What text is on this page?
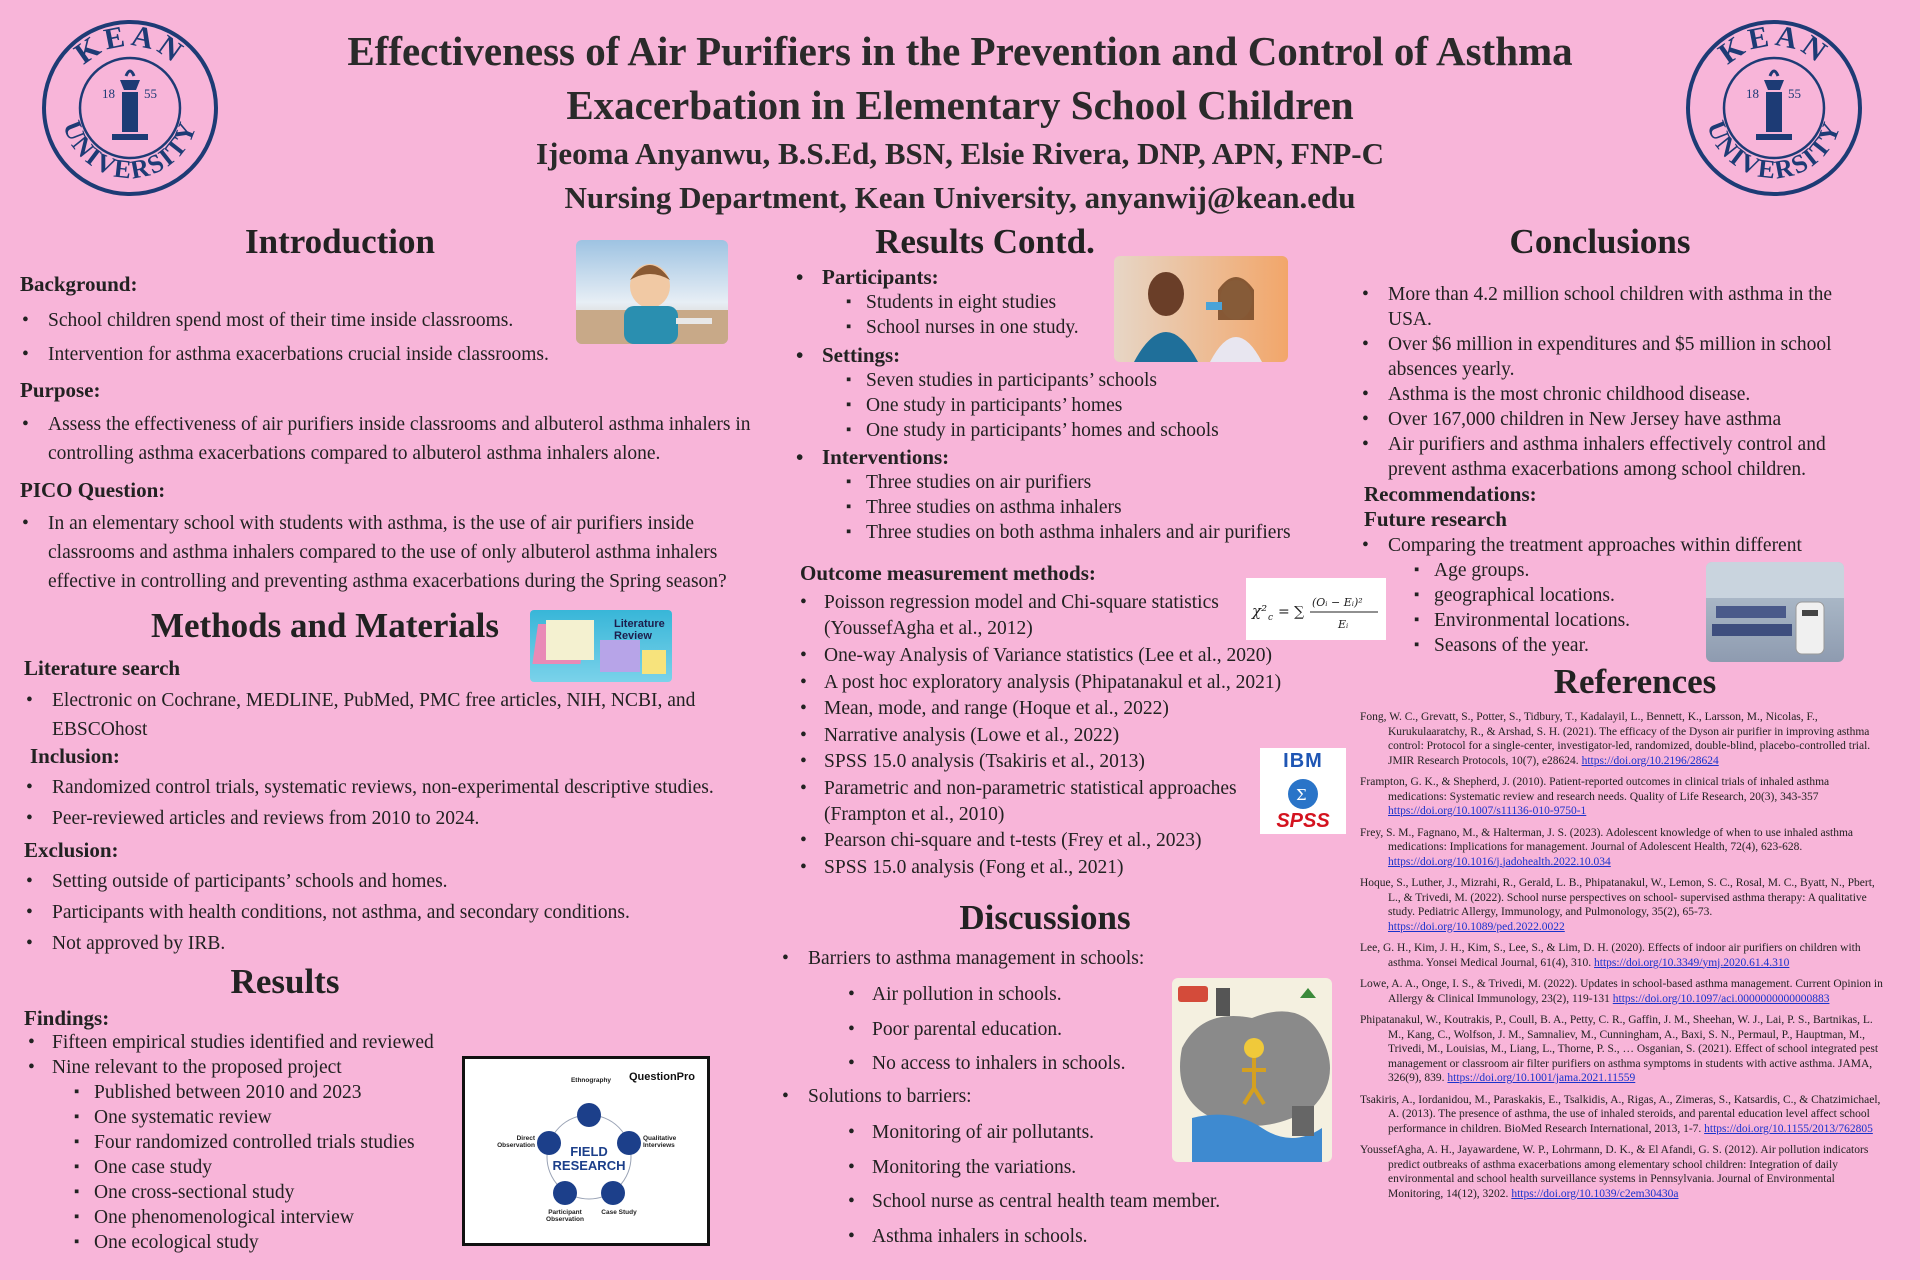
Effectiveness of Air Purifiers in the Prevention and Control of Asthma
Exacerbation in Elementary School Children
Ijeoma Anyanwu, B.S.Ed, BSN, Elsie Rivera, DNP, APN, FNP-C
Nursing Department, Kean University, anyanwij@kean.edu
KEAN
UNIVERSITY
18 55
KEAN
UNIVERSITY
18 55
Introduction
Background:
• School children spend most of their time inside classrooms.
• Intervention for asthma exacerbations crucial inside classrooms.
Purpose:
• Assess the effectiveness of air purifiers inside classrooms and albuterol asthma inhalers in controlling asthma exacerbations compared to albuterol asthma inhalers alone.
PICO Question:
• In an elementary school with students with asthma, is the use of air purifiers inside classrooms and asthma inhalers compared to the use of only albuterol asthma inhalers effective in controlling and preventing asthma exacerbations during the Spring season?
Methods and Materials	Literature Review
Literature search
• Electronic on Cochrane, MEDLINE, PubMed, PMC free articles, NIH, NCBI, and EBSCOhost
Inclusion:
• Randomized control trials, systematic reviews, non-experimental descriptive studies.
• Peer-reviewed articles and reviews from 2010 to 2024.
Exclusion:
• Setting outside of participants’ schools and homes.
• Participants with health conditions, not asthma, and secondary conditions.
• Not approved by IRB.
Results
Findings:
• Fifteen empirical studies identified and reviewed
• Nine relevant to the proposed project
▪ Published between 2010 and 2023
▪ One systematic review
▪ Four randomized controlled trials studies
▪ One case study
▪ One cross-sectional study
▪ One phenomenological interview
▪ One ecological study
FIELD RESEARCH
QuestionPro
Ethnography
Qualitative Interviews
Case Study
Participant Observation
Direct Observation
Results Contd.
• Participants:
▪ Students in eight studies
▪ School nurses in one study.
• Settings:
▪ Seven studies in participants’ schools
▪ One study in participants’ homes
▪ One study in participants’ homes and schools
• Interventions:
▪ Three studies on air purifiers
▪ Three studies on asthma inhalers
▪ Three studies on both asthma inhalers and air purifiers
Outcome measurement methods:
χ² c = ∑
(Oᵢ − Eᵢ)²
Eᵢ
• Poisson regression model and Chi-square statistics (YoussefAgha et al., 2012)
• One-way Analysis of Variance statistics (Lee et al., 2020)
• A post hoc exploratory analysis (Phipatanakul et al., 2021)
• Mean, mode, and range (Hoque et al., 2022)
• Narrative analysis (Lowe et al., 2022)
• SPSS 15.0 analysis (Tsakiris et al., 2013)
• Parametric and non-parametric statistical approaches (Frampton et al., 2010)
• Pearson chi-square and t-tests (Frey et al., 2023)
• SPSS 15.0 analysis (Fong et al., 2021)
IBM
Σ
SPSS
Discussions
• Barriers to asthma management in schools:
• Air pollution in schools.
• Poor parental education.
• No access to inhalers in schools.
• Solutions to barriers:
• Monitoring of air pollutants.
• Monitoring the variations.
• School nurse as central health team member.
• Asthma inhalers in schools.
Conclusions
• More than 4.2 million school children with asthma in the USA.
• Over $6 million in expenditures and $5 million in school absences yearly.
• Asthma is the most chronic childhood disease.
• Over 167,000 children in New Jersey have asthma
• Air purifiers and asthma inhalers effectively control and prevent asthma exacerbations among school children.
Recommendations:
Future research
• Comparing the treatment approaches within different
▪ Age groups.
▪ geographical locations.
▪ Environmental locations.
▪ Seasons of the year.
References
Fong, W. C., Grevatt, S., Potter, S., Tidbury, T., Kadalayil, L., Bennett, K., Larsson, M., Nicolas, F., Kurukulaaratchy, R., & Arshad, S. H. (2021). The efficacy of the Dyson air purifier in improving asthma control: Protocol for a single-center, investigator-led, randomized, double-blind, placebo-controlled trial. JMIR Research Protocols, 10(7), e28624. https://doi.org/10.2196/28624
Frampton, G. K., & Shepherd, J. (2010). Patient-reported outcomes in clinical trials of inhaled asthma medications: Systematic review and research needs. Quality of Life Research, 20(3), 343-357 https://doi.org/10.1007/s11136-010-9750-1
Frey, S. M., Fagnano, M., & Halterman, J. S. (2023). Adolescent knowledge of when to use inhaled asthma medications: Implications for management. Journal of Adolescent Health, 72(4), 623-628. https://doi.org/10.1016/j.jadohealth.2022.10.034
Hoque, S., Luther, J., Mizrahi, R., Gerald, L. B., Phipatanakul, W., Lemon, S. C., Rosal, M. C., Byatt, N., Pbert, L., & Trivedi, M. (2022). School nurse perspectives on school- supervised asthma therapy: A qualitative study. Pediatric Allergy, Immunology, and Pulmonology, 35(2), 65-73. https://doi.org/10.1089/ped.2022.0022
Lee, G. H., Kim, J. H., Kim, S., Lee, S., & Lim, D. H. (2020). Effects of indoor air purifiers on children with asthma. Yonsei Medical Journal, 61(4), 310. https://doi.org/10.3349/ymj.2020.61.4.310
Lowe, A. A., Onge, I. S., & Trivedi, M. (2022). Updates in school-based asthma management. Current Opinion in Allergy & Clinical Immunology, 23(2), 119-131 https://doi.org/10.1097/aci.0000000000000883
Phipatanakul, W., Koutrakis, P., Coull, B. A., Petty, C. R., Gaffin, J. M., Sheehan, W. J., Lai, P. S., Bartnikas, L. M., Kang, C., Wolfson, J. M., Samnaliev, M., Cunningham, A., Baxi, S. N., Permaul, P., Hauptman, M., Trivedi, M., Louisias, M., Liang, L., Thorne, P. S., … Osganian, S. (2021). Effect of school integrated pest management or classroom air filter purifiers on asthma symptoms in students with active asthma. JAMA, 326(9), 839. https://doi.org/10.1001/jama.2021.11559
Tsakiris, A., Iordanidou, M., Paraskakis, E., Tsalkidis, A., Rigas, A., Zimeras, S., Katsardis, C., & Chatzimichael, A. (2013). The presence of asthma, the use of inhaled steroids, and parental education level affect school performance in children. BioMed Research International, 2013, 1-7. https://doi.org/10.1155/2013/762805
YoussefAgha, A. H., Jayawardene, W. P., Lohrmann, D. K., & El Afandi, G. S. (2012). Air pollution indicators predict outbreaks of asthma exacerbations among elementary school children: Integration of daily environmental and school health surveillance systems in Pennsylvania. Journal of Environmental Monitoring, 14(12), 3202. https://doi.org/10.1039/c2em30430a
